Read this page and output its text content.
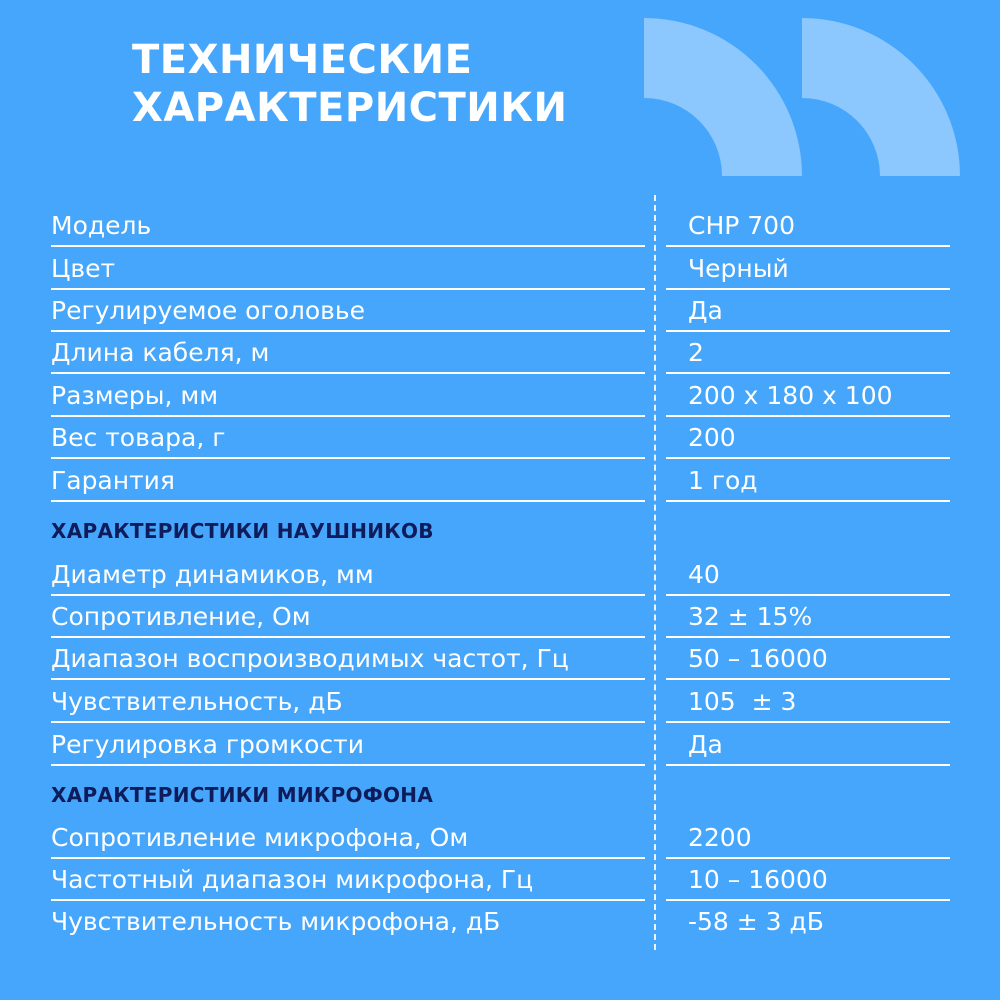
ТЕХНИЧЕСКИЕ
ХАРАКТЕРИСТИКИ
Модель	CHP 700
Цвет	Черный
Регулируемое оголовье	Да
Длина кабеля, м	2
Размеры, мм	200 x 180 x 100
Вес товара, г	200
Гарантия	1 год
ХАРАКТЕРИСТИКИ НАУШНИКОВ
Диаметр динамиков, мм	40
Сопротивление, Ом	32 ± 15%
Диапазон воспроизводимых частот, Гц	50 – 16000
Чувствительность, дБ	105  ± 3
Регулировка громкости	Да
ХАРАКТЕРИСТИКИ МИКРОФОНА
Сопротивление микрофона, Ом	2200
Частотный диапазон микрофона, Гц	10 – 16000
Чувствительность микрофона, дБ	-58 ± 3 дБ
